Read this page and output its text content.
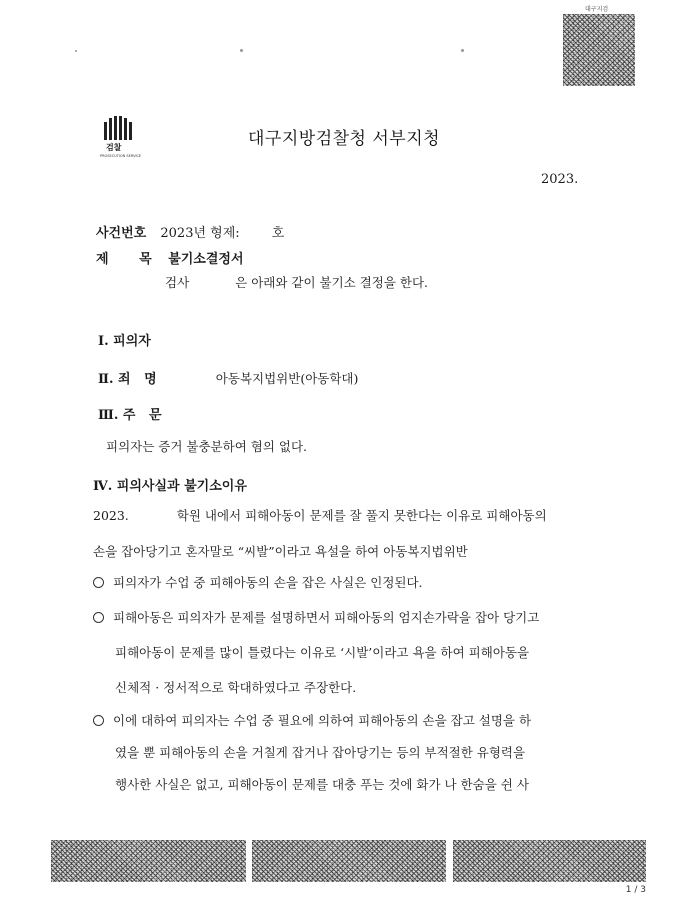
대구지검
검찰
PROSECUTION SERVICE
대구지방검찰청 서부지청
2023.
사건번호 2023년 형제: 호
제 목 불기소결정서
검사	은 아래와 같이 불기소 결정을 한다.
Ⅰ. 피의자
Ⅱ. 죄   명	아동복지법위반(아동학대)
Ⅲ. 주   문
피의자는 증거 불충분하여 혐의 없다.
Ⅳ. 피의사실과 불기소이유
2023.	학원 내에서 피해아동이 문제를 잘 풀지 못한다는 이유로 피해아동의
손을 잡아당기고 혼자말로 “씨발”이라고 욕설을 하여 아동복지법위반
피의자가 수업 중 피해아동의 손을 잡은 사실은 인정된다.
피해아동은 피의자가 문제를 설명하면서 피해아동의 엄지손가락을 잡아 당기고
피해아동이 문제를 많이 틀렸다는 이유로 ‘시발’이라고 욕을 하여 피해아동을
신체적 · 정서적으로 학대하였다고 주장한다.
이에 대하여 피의자는 수업 중 필요에 의하여 피해아동의 손을 잡고 설명을 하
였을 뿐 피해아동의 손을 거칠게 잡거나 잡아당기는 등의 부적절한 유형력을
행사한 사실은 없고, 피해아동이 문제를 대충 푸는 것에 화가 나 한숨을 쉰 사
1 / 3
